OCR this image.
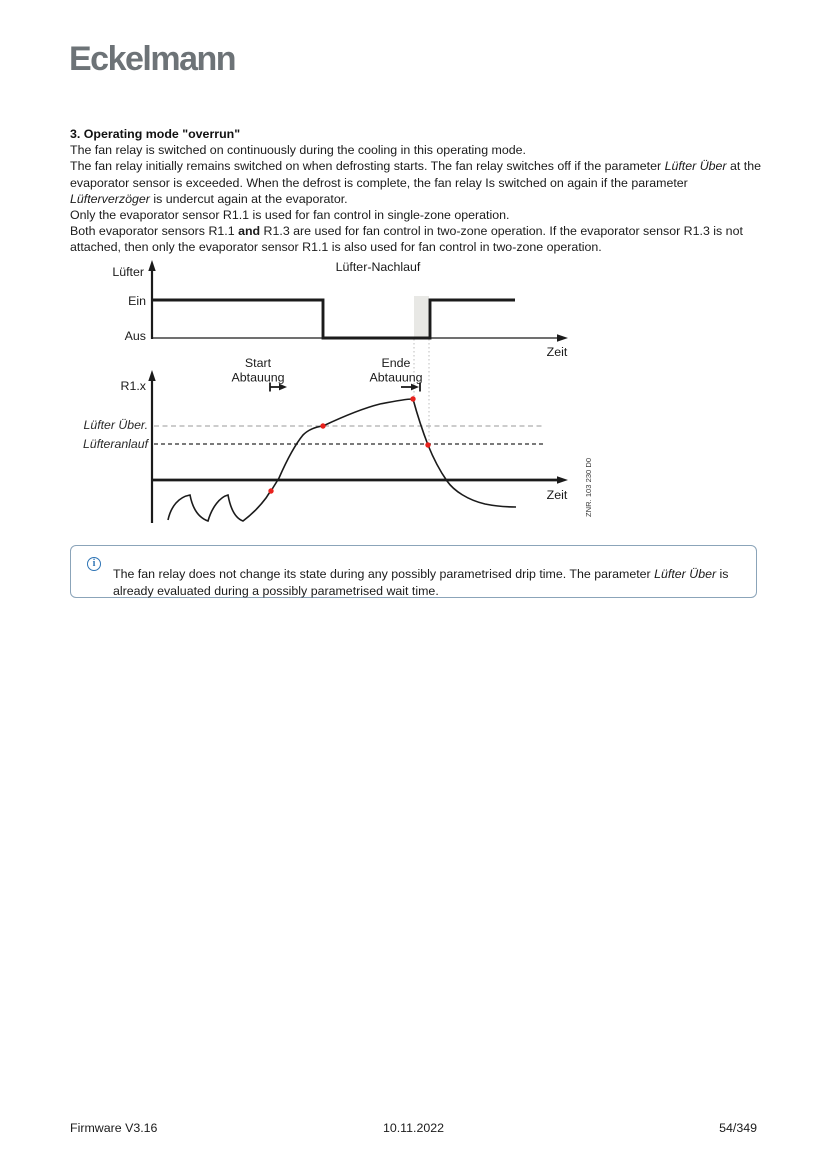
Eckelmann
3. Operating mode "overrun"

The fan relay is switched on continuously during the cooling in this operating mode.

The fan relay initially remains switched on when defrosting starts. The fan relay switches off if the parameter Lüfter Über at the evaporator sensor is exceeded. When the defrost is complete, the fan relay Is switched on again if the parameter Lüfterverzöger is undercut again at the evaporator.

Only the evaporator sensor R1.1 is used for fan control in single-zone operation.

Both evaporator sensors R1.1 and R1.3 are used for fan control in two-zone operation. If the evaporator sensor R1.3 is not attached, then only the evaporator sensor R1.1 is also used for fan control in two-zone operation.

Lüfter-Nachlauf
Lüfter
Ein
Aus
Zeit
Start
Abtauung
Ende
Abtauung
R1.x
Lüfter Über.
Lüfteranlauf
Zeit ZNR. 103 230 D0
i

The fan relay does not change its state during any possibly parametrised drip time. The parameter Lüfter Über is already evaluated during a possibly parametrised wait time.

Firmware V3.16	10.11.2022	54/349
